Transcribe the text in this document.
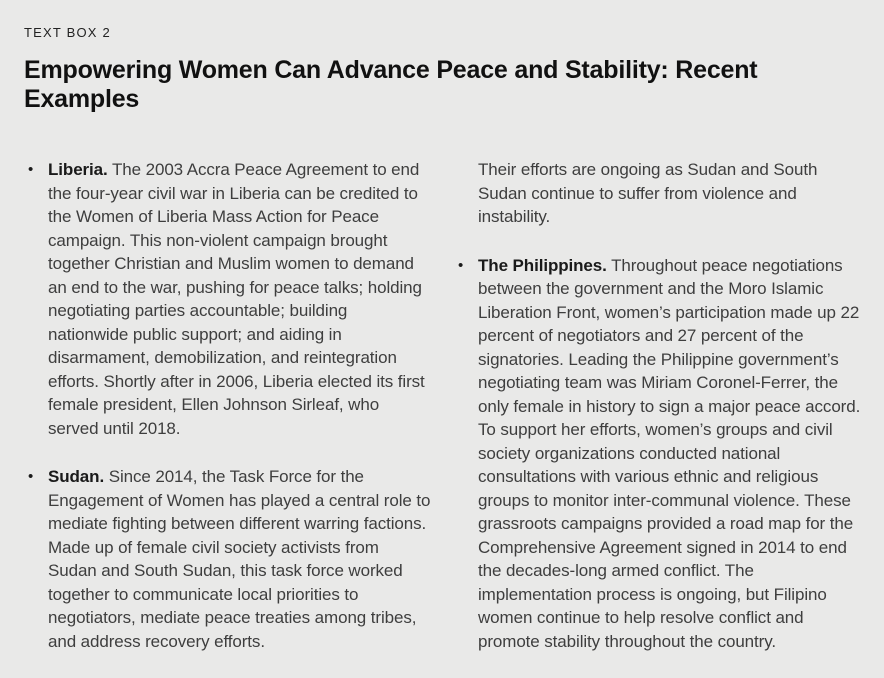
TEXT BOX 2
Empowering Women Can Advance Peace and Stability: Recent Examples
• Liberia. The 2003 Accra Peace Agreement to end the four-year civil war in Liberia can be credited to the Women of Liberia Mass Action for Peace campaign. This non-violent campaign brought together Christian and Muslim women to demand an end to the war, pushing for peace talks; holding negotiating parties accountable; building nationwide public support; and aiding in disarmament, demobilization, and reintegration efforts. Shortly after in 2006, Liberia elected its first female president, Ellen Johnson Sirleaf, who served until 2018.

• Sudan. Since 2014, the Task Force for the Engagement of Women has played a central role to mediate fighting between different warring factions. Made up of female civil society activists from Sudan and South Sudan, this task force worked together to communicate local priorities to negotiators, mediate peace treaties among tribes, and address recovery efforts.

Their efforts are ongoing as Sudan and South Sudan continue to suffer from violence and instability.

• The Philippines. Throughout peace negotiations between the government and the Moro Islamic Liberation Front, women’s participation made up 22 percent of negotiators and 27 percent of the signatories. Leading the Philippine government’s negotiating team was Miriam Coronel-Ferrer, the only female in history to sign a major peace accord. To support her efforts, women’s groups and civil society organizations conducted national consultations with various ethnic and religious groups to monitor inter-communal violence. These grassroots campaigns provided a road map for the Comprehensive Agreement signed in 2014 to end the decades-long armed conflict. The implementation process is ongoing, but Filipino women continue to help resolve conflict and promote stability throughout the country.
